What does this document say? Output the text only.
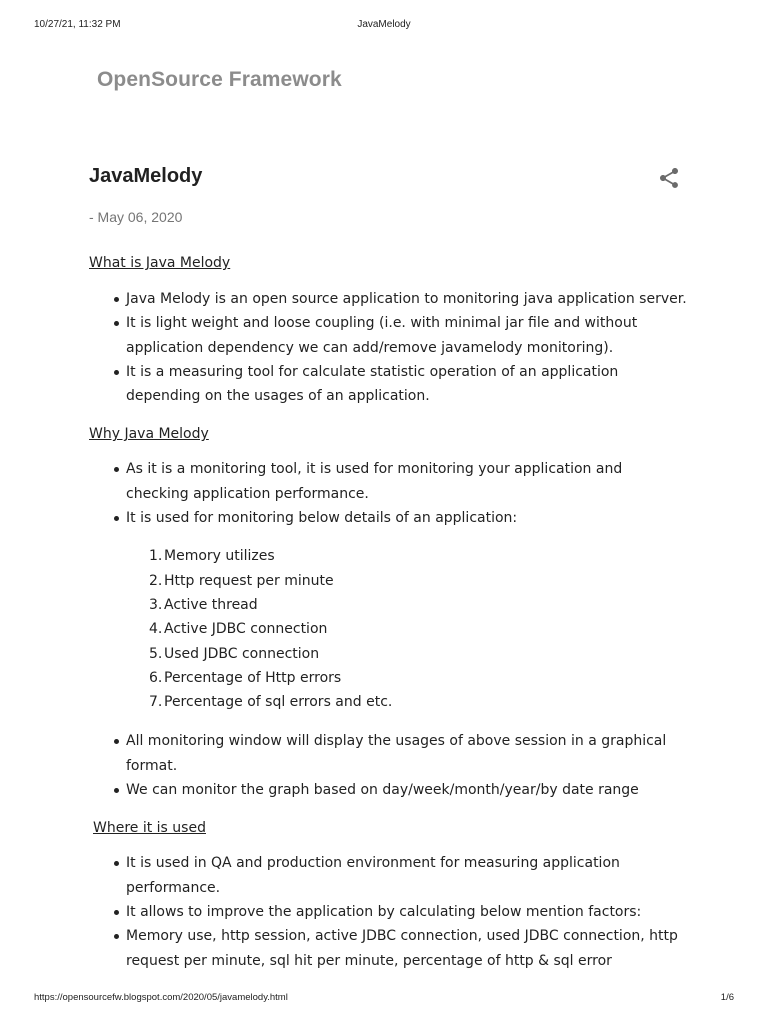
10/27/21, 11:32 PM	JavaMelody
OpenSource Framework
JavaMelody
- May 06, 2020
What is Java Melody
Java Melody is an open source application to monitoring java application server.
It is light weight and loose coupling (i.e. with minimal jar file and without application dependency we can add/remove javamelody monitoring).
It is a measuring tool for calculate statistic operation of an application depending on the usages of an application.
Why Java Melody
As it is a monitoring tool, it is used for monitoring your application and checking application performance.
It is used for monitoring below details of an application:
1. Memory utilizes
2. Http request per minute
3. Active thread
4. Active JDBC connection
5. Used JDBC connection
6. Percentage of Http errors
7. Percentage of sql errors and etc.
All monitoring window will display the usages of above session in a graphical format.
We can monitor the graph based on day/week/month/year/by date range
Where it is used
It is used in QA and production environment for measuring application performance.
It allows to improve the application by calculating below mention factors:
Memory use, http session, active JDBC connection, used JDBC connection, http request per minute, sql hit per minute, percentage of http & sql error
https://opensourcefw.blogspot.com/2020/05/javamelody.html	1/6
